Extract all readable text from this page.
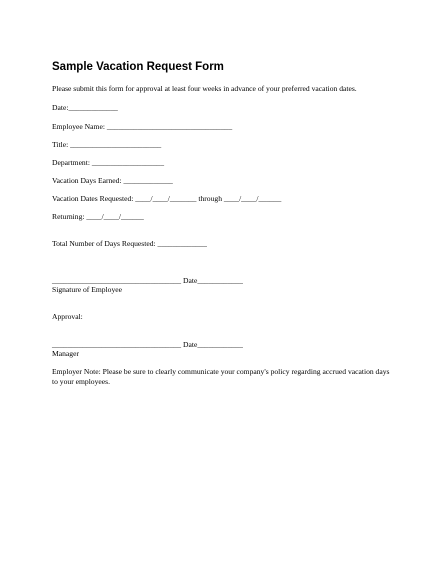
Sample Vacation Request Form
Please submit this form for approval at least four weeks in advance of your preferred vacation dates.
Date:_____________
Employee Name: _________________________________
Title: ________________________
Department: ___________________
Vacation Days Earned: _____________
Vacation Dates Requested: ____/____/_______ through ____/____/______
Returning: ____/____/______
Total Number of Days Requested: _____________
__________________________________ Date____________
Signature of Employee
Approval:
__________________________________ Date____________
Manager
Employer Note: Please be sure to clearly communicate your company's policy regarding accrued vacation days to your employees.
